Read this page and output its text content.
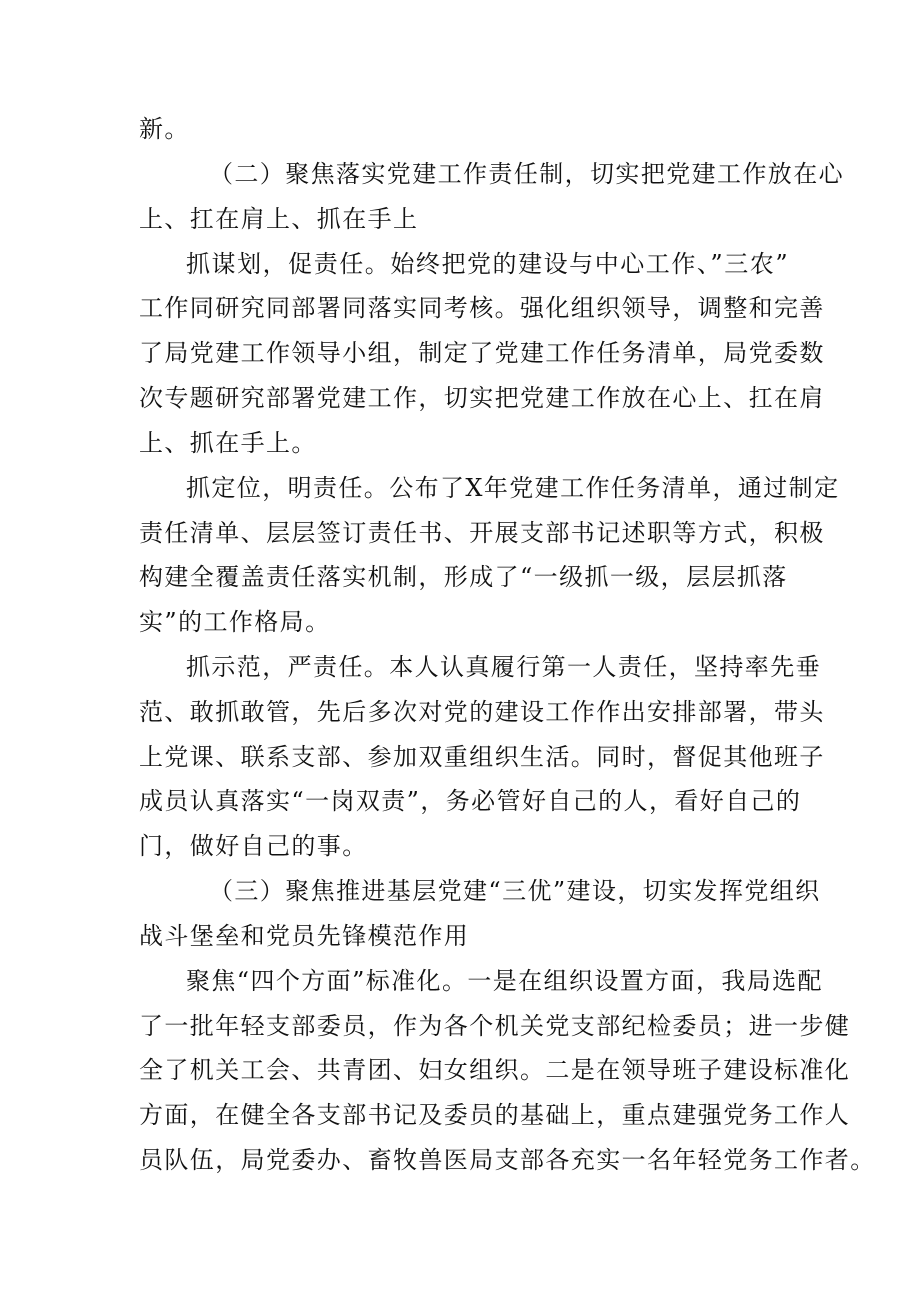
新。
（二）聚焦落实党建工作责任制，切实把党建工作放在心
上、扛在肩上、抓在手上
抓谋划，促责任。始终把党的建设与中心工作、”三农”
工作同研究同部署同落实同考核。强化组织领导，调整和完善
了局党建工作领导小组，制定了党建工作任务清单，局党委数
次专题研究部署党建工作，切实把党建工作放在心上、扛在肩
上、抓在手上。
抓定位，明责任。公布了X年党建工作任务清单，通过制定
责任清单、层层签订责任书、开展支部书记述职等方式，积极
构建全覆盖责任落实机制，形成了“一级抓一级，层层抓落
实”的工作格局。
抓示范，严责任。本人认真履行第一人责任，坚持率先垂
范、敢抓敢管，先后多次对党的建设工作作出安排部署，带头
上党课、联系支部、参加双重组织生活。同时，督促其他班子
成员认真落实“一岗双责”，务必管好自己的人，看好自己的
门，做好自己的事。
（三）聚焦推进基层党建“三优”建设，切实发挥党组织
战斗堡垒和党员先锋模范作用
聚焦“四个方面”标准化。一是在组织设置方面，我局选配
了一批年轻支部委员，作为各个机关党支部纪检委员；进一步健
全了机关工会、共青团、妇女组织。二是在领导班子建设标准化
方面，在健全各支部书记及委员的基础上，重点建强党务工作人
员队伍，局党委办、畜牧兽医局支部各充实一名年轻党务工作者。
